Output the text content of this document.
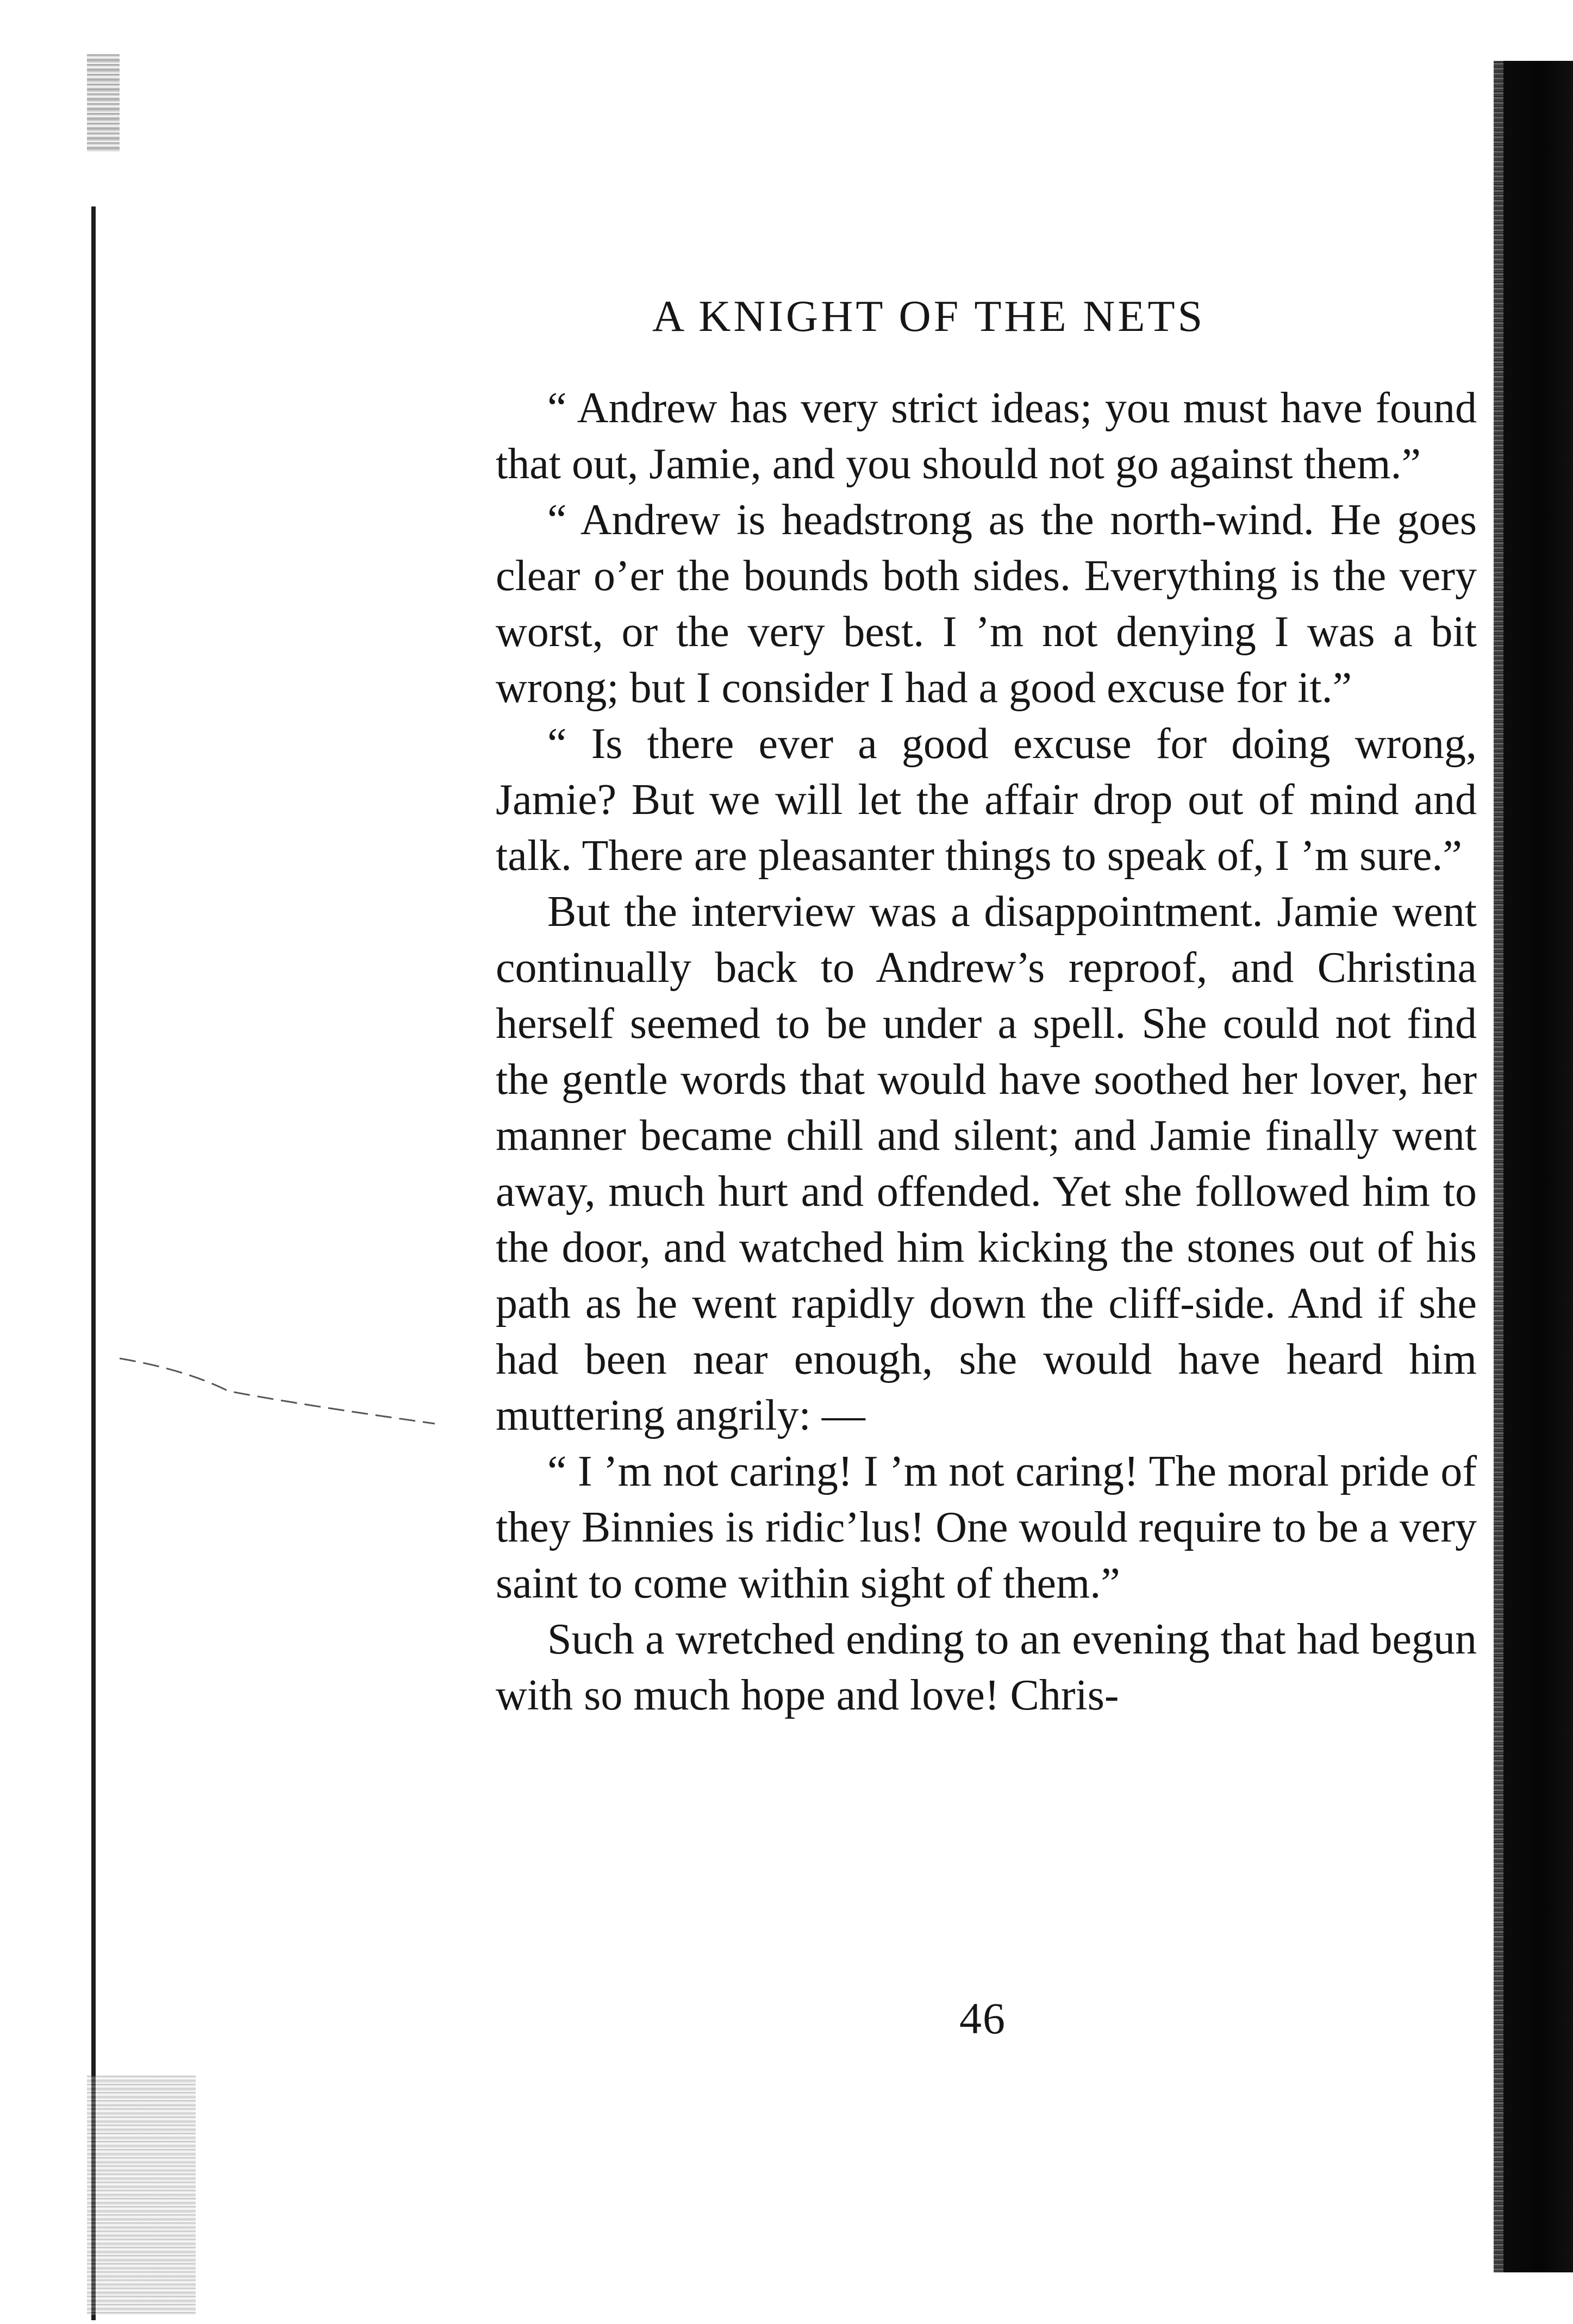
A KNIGHT OF THE NETS

“ Andrew has very strict ideas; you must have found that out, Jamie, and you should not go against them.”

“ Andrew is headstrong as the north-wind. He goes clear o’er the bounds both sides. Everything is the very worst, or the very best. I ’m not denying I was a bit wrong; but I consider I had a good excuse for it.”

“ Is there ever a good excuse for doing wrong, Jamie? But we will let the affair drop out of mind and talk. There are pleasanter things to speak of, I ’m sure.”

But the interview was a disappointment. Jamie went continually back to Andrew’s reproof, and Christina herself seemed to be under a spell. She could not find the gentle words that would have soothed her lover, her manner became chill and silent; and Jamie finally went away, much hurt and offended. Yet she followed him to the door, and watched him kicking the stones out of his path as he went rapidly down the cliff-side. And if she had been near enough, she would have heard him muttering angrily: —

“ I ’m not caring! I ’m not caring! The moral pride of they Binnies is ridic’lus! One would require to be a very saint to come within sight of them.”

Such a wretched ending to an evening that had begun with so much hope and love! Chris-

46
